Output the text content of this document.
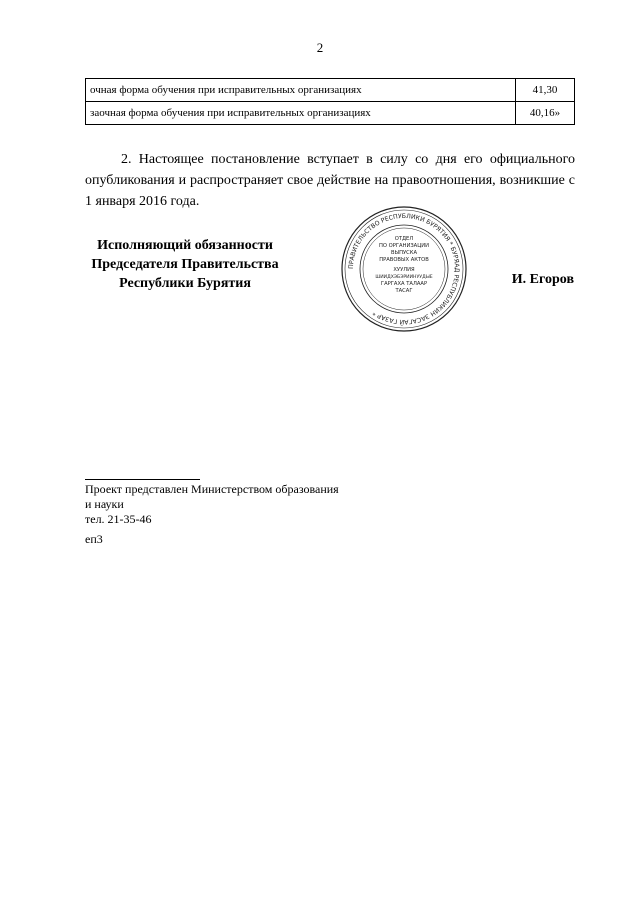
2
очная форма обучения при исправительных организациях	41,30
заочная форма обучения при исправительных организациях	40,16»

2. Настоящее постановление вступает в силу со дня его официального опубликования и распространяет свое действие на правоотношения, возникшие с 1 января 2016 года.

Исполняющий обязанности
Председателя Правительства
Республики Бурятия
ПРАВИТЕЛЬСТВО РЕСПУБЛИКИ БУРЯТИЯ * БУРЯАД РЕСПУБЛИКИН ЗАСАГАЙ ГАЗАР *
ОТДЕЛ
ПО ОРГАНИЗАЦИИ
ВЫПУСКА
ПРАВОВЫХ АКТОВ
ХУУЛИЯ
ШИИДХЭБЭРИИНУУДЫЕ
ГАРГАХА ТАЛААР
ТАСАГ
И. Егоров
Проект представлен Министерством образования
и науки
тел. 21-35-46
еп3
